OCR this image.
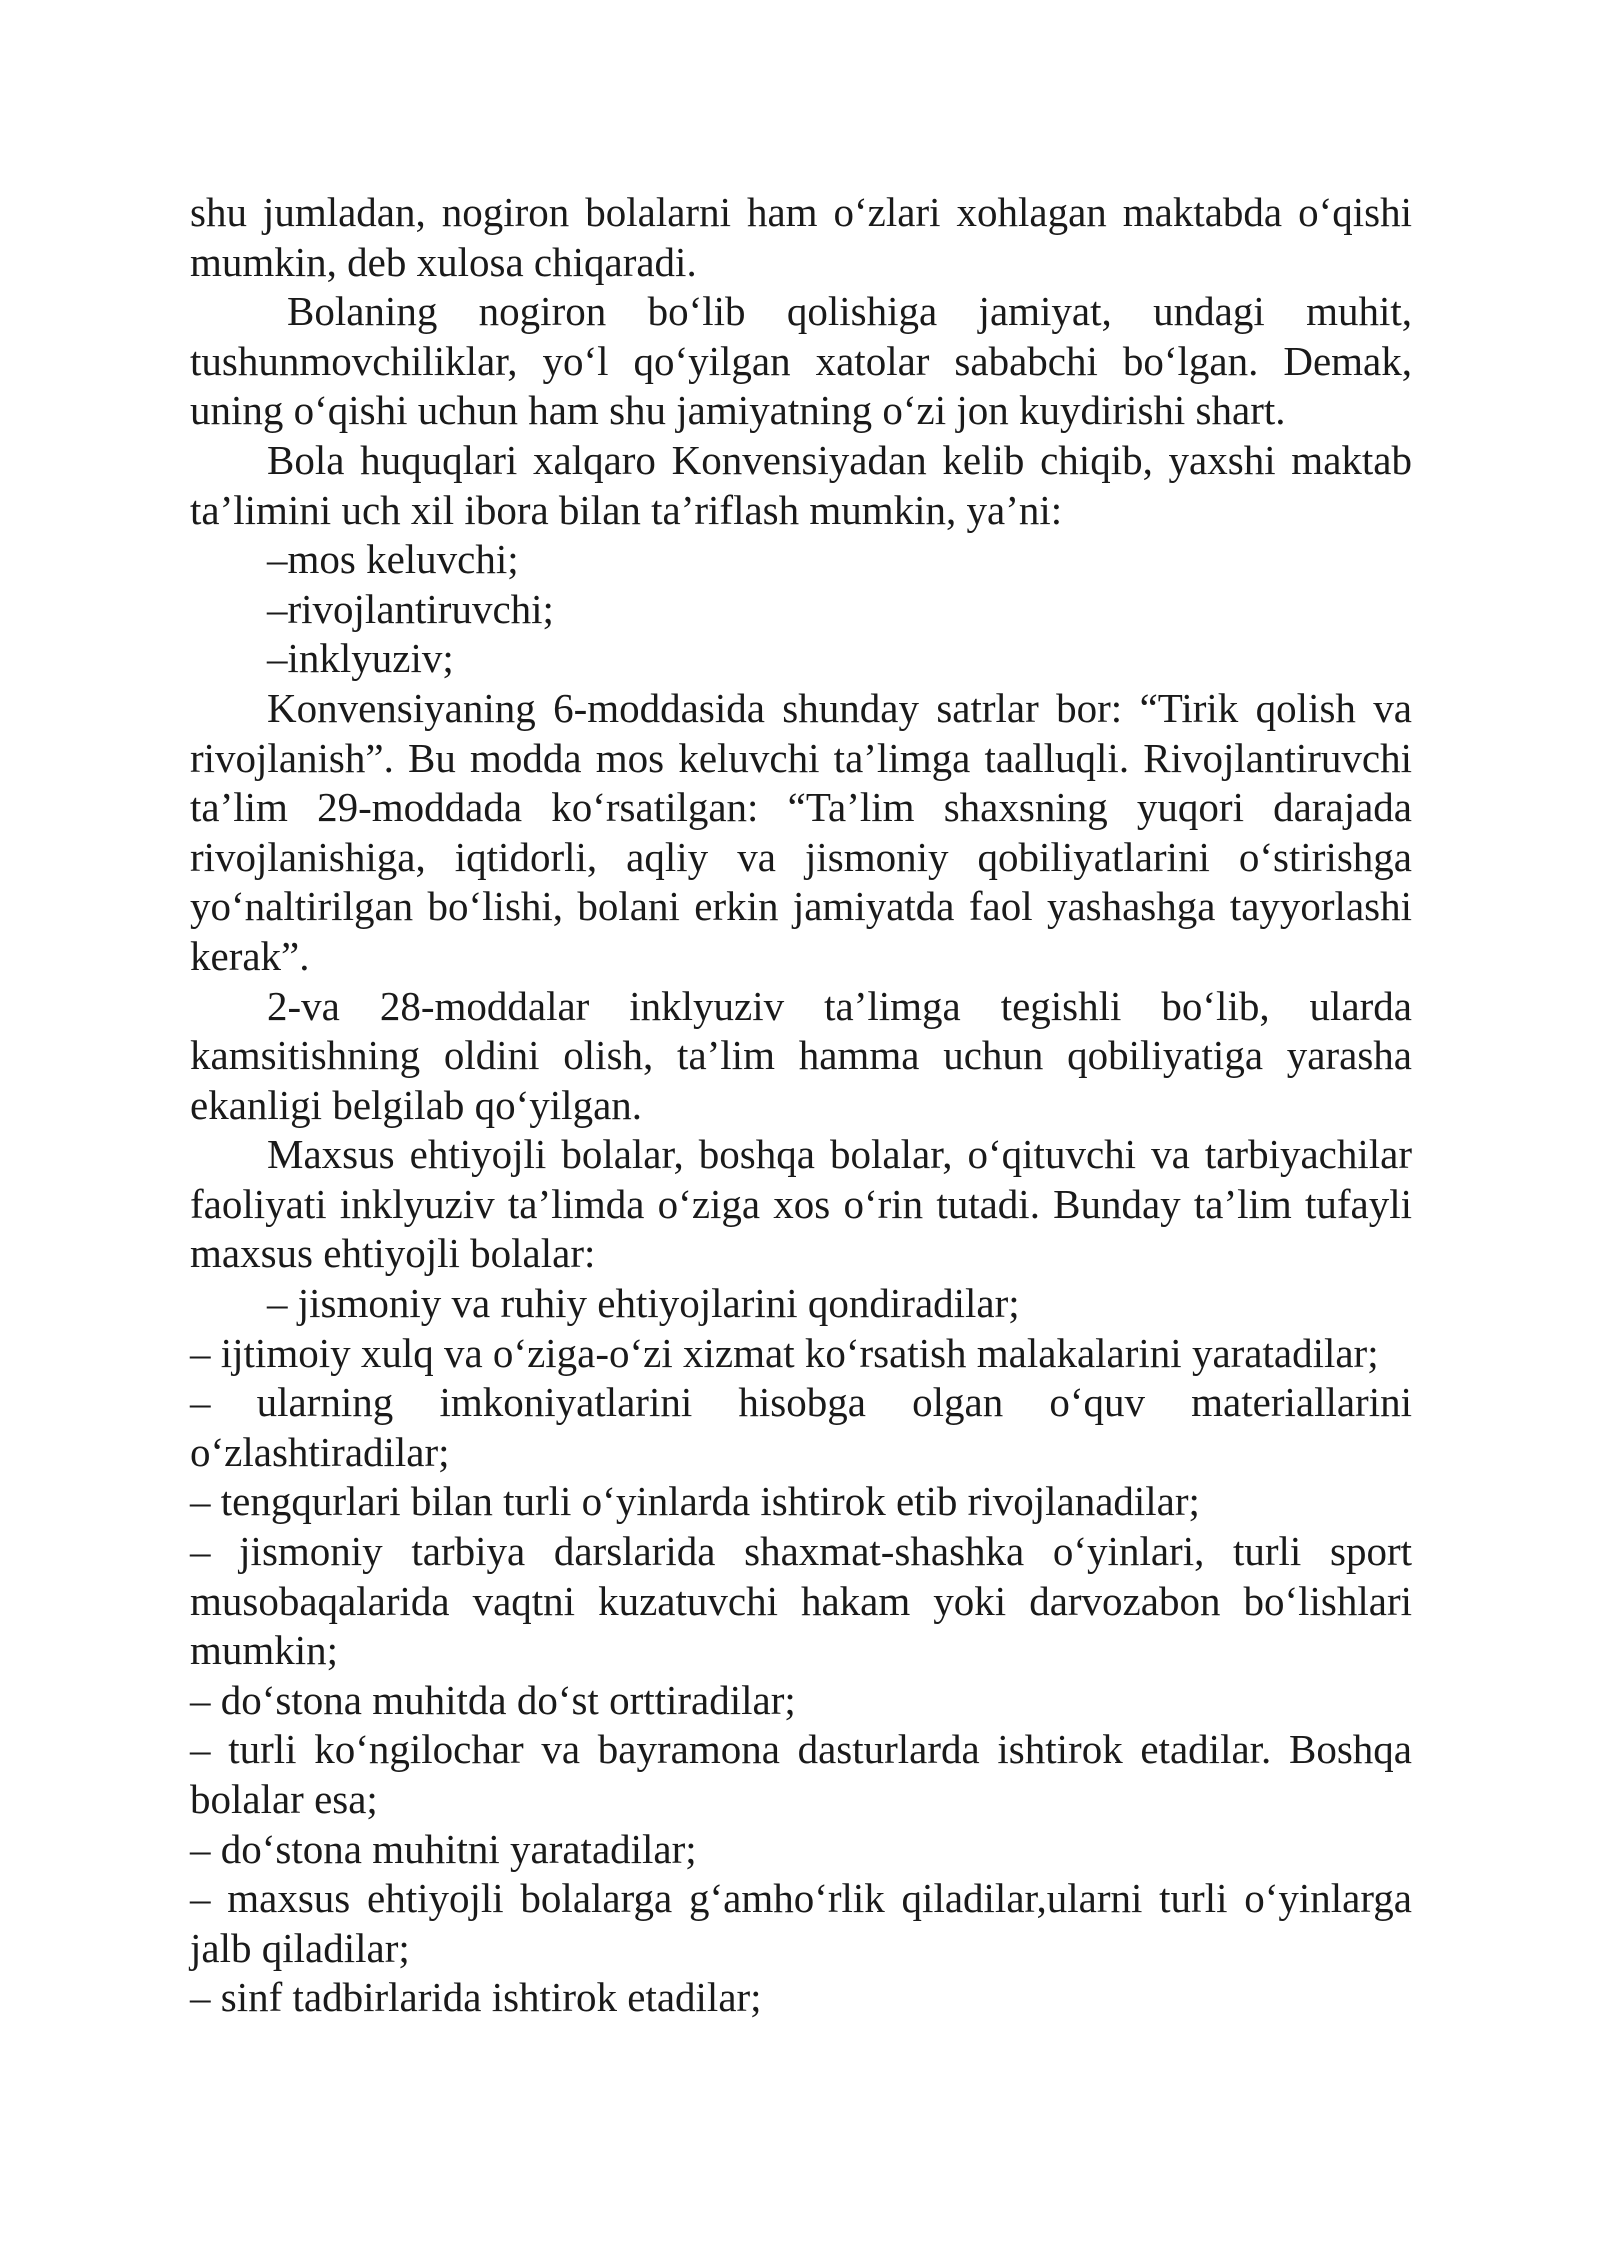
shu jumladan, nogiron bolalarni ham o‘zlari xohlagan maktabda o‘qishi mumkin, deb xulosa chiqaradi.

Bolaning nogiron bo‘lib qolishiga jamiyat, undagi muhit, tushunmovchiliklar, yo‘l qo‘yilgan xatolar sababchi bo‘lgan. Demak, uning o‘qishi uchun ham shu jamiyatning o‘zi jon kuydirishi shart.

Bola huquqlari xalqaro Konvensiyadan kelib chiqib, yaxshi maktab ta’limini uch xil ibora bilan ta’riflash mumkin, ya’ni:

–mos keluvchi;
–rivojlantiruvchi;
–inklyuziv;

Konvensiyaning 6-moddasida shunday satrlar bor: “Tirik qolish va rivojlanish”. Bu modda mos keluvchi ta’limga taalluqli. Rivojlantiruvchi ta’lim 29-moddada ko‘rsatilgan: “Ta’lim shaxsning yuqori darajada rivojlanishiga, iqtidorli, aqliy va jismoniy qobiliyatlarini o‘stirishga yo‘naltirilgan bo‘lishi, bolani erkin jamiyatda faol yashashga tayyorlashi kerak”.

2-va 28-moddalar inklyuziv ta’limga tegishli bo‘lib, ularda kamsitishning oldini olish, ta’lim hamma uchun qobiliyatiga yarasha ekanligi belgilab qo‘yilgan.

Maxsus ehtiyojli bolalar, boshqa bolalar, o‘qituvchi va tarbiyachilar faoliyati inklyuziv ta’limda o‘ziga xos o‘rin tutadi. Bunday ta’lim tufayli maxsus ehtiyojli bolalar:

– jismoniy va ruhiy ehtiyojlarini qondiradilar;
– ijtimoiy xulq va o‘ziga-o‘zi xizmat ko‘rsatish malakalarini yaratadilar;
– ularning imkoniyatlarini hisobga olgan o‘quv materiallarini o‘zlashtiradilar;
– tengqurlari bilan turli o‘yinlarda ishtirok etib rivojlanadilar;
– jismoniy tarbiya darslarida shaxmat-shashka o‘yinlari, turli sport musobaqalarida vaqtni kuzatuvchi hakam yoki darvozabon bo‘lishlari mumkin;
– do‘stona muhitda do‘st orttiradilar;
– turli ko‘ngilochar va bayramona dasturlarda ishtirok etadilar. Boshqa bolalar esa;
– do‘stona muhitni yaratadilar;
– maxsus ehtiyojli bolalarga g‘amho‘rlik qiladilar,ularni turli o‘yinlarga jalb qiladilar;
– sinf tadbirlarida ishtirok etadilar;
